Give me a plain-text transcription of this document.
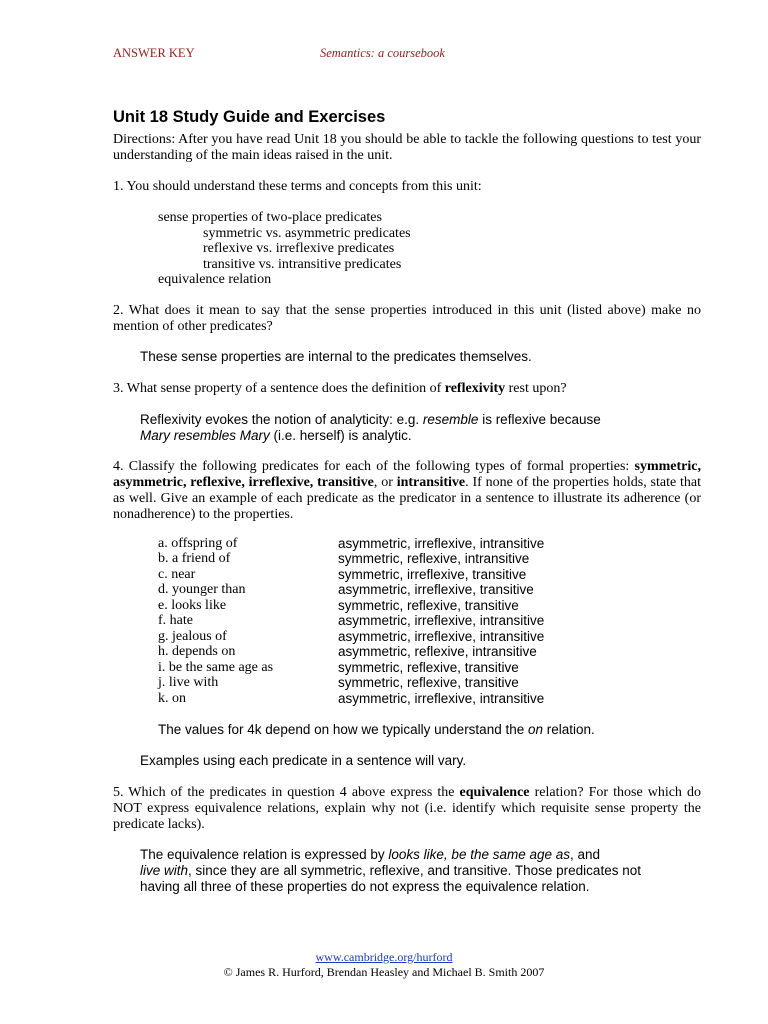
ANSWER KEY	Semantics: a coursebook
Unit 18 Study Guide and Exercises

Directions: After you have read Unit 18 you should be able to tackle the following questions to test your understanding of the main ideas raised in the unit.

1. You should understand these terms and concepts from this unit:

sense properties of two-place predicates

symmetric vs. asymmetric predicates

reflexive vs. irreflexive predicates

transitive vs. intransitive predicates

equivalence relation

2. What does it mean to say that the sense properties introduced in this unit (listed above) make no mention of other predicates?

These sense properties are internal to the predicates themselves.

3. What sense property of a sentence does the definition of reflexivity rest upon?

Reflexivity evokes the notion of analyticity: e.g. resemble is reflexive because
Mary resembles Mary (i.e. herself) is analytic.

4. Classify the following predicates for each of the following types of formal properties: symmetric, asymmetric, reflexive, irreflexive, transitive, or intransitive. If none of the properties holds, state that as well. Give an example of each predicate as the predicator in a sentence to illustrate its adherence (or nonadherence) to the properties.

a. offspring of	asymmetric, irreflexive, intransitive
b. a friend of	symmetric, reflexive, intransitive
c. near	symmetric, irreflexive, transitive
d. younger than	asymmetric, irreflexive, transitive
e. looks like	symmetric, reflexive, transitive
f. hate	asymmetric, irreflexive, intransitive
g. jealous of	asymmetric, irreflexive, intransitive
h. depends on	asymmetric, reflexive, intransitive
i. be the same age as	symmetric, reflexive, transitive
j. live with	symmetric, reflexive, transitive
k. on	asymmetric, irreflexive, intransitive

The values for 4k depend on how we typically understand the on relation.

Examples using each predicate in a sentence will vary.

5. Which of the predicates in question 4 above express the equivalence relation? For those which do NOT express equivalence relations, explain why not (i.e. identify which requisite sense property the predicate lacks).

The equivalence relation is expressed by looks like, be the same age as, and
live with, since they are all symmetric, reflexive, and transitive. Those predicates not having all three of these properties do not express the equivalence relation.

www.cambridge.org/hurford
© James R. Hurford, Brendan Heasley and Michael B. Smith 2007
